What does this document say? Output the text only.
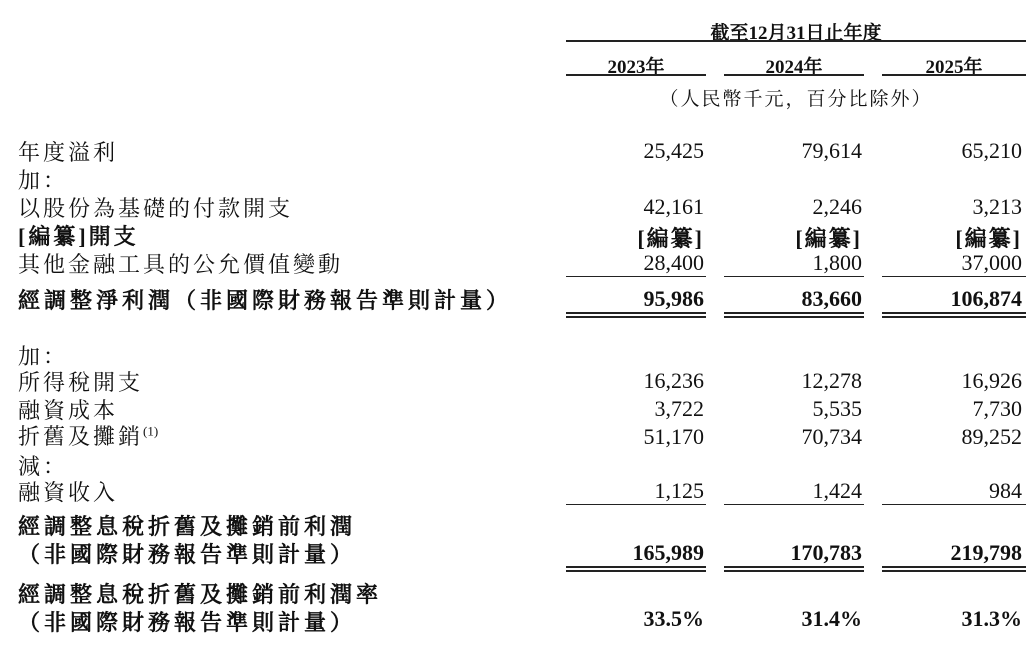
截至12月31日止年度
2023年	2024年	2025年
（人民幣千元，百分比除外）
年度溢利	25,425	79,614	65,210
加：
以股份為基礎的付款開支	42,161	2,246	3,213
[編纂]開支	[編纂]	[編纂]	[編纂]
其他金融工具的公允價值變動	28,400	1,800	37,000
經調整淨利潤（非國際財務報告準則計量）	95,986	83,660	106,874
加：
所得稅開支	16,236	12,278	16,926
融資成本	3,722	5,535	7,730
折舊及攤銷$^{(1)}$	51,170	70,734	89,252
減：
融資收入	1,125	1,424	984
經調整息稅折舊及攤銷前利潤
（非國際財務報告準則計量）	165,989	170,783	219,798
經調整息稅折舊及攤銷前利潤率
（非國際財務報告準則計量）	33.5%	31.4%	31.3%
